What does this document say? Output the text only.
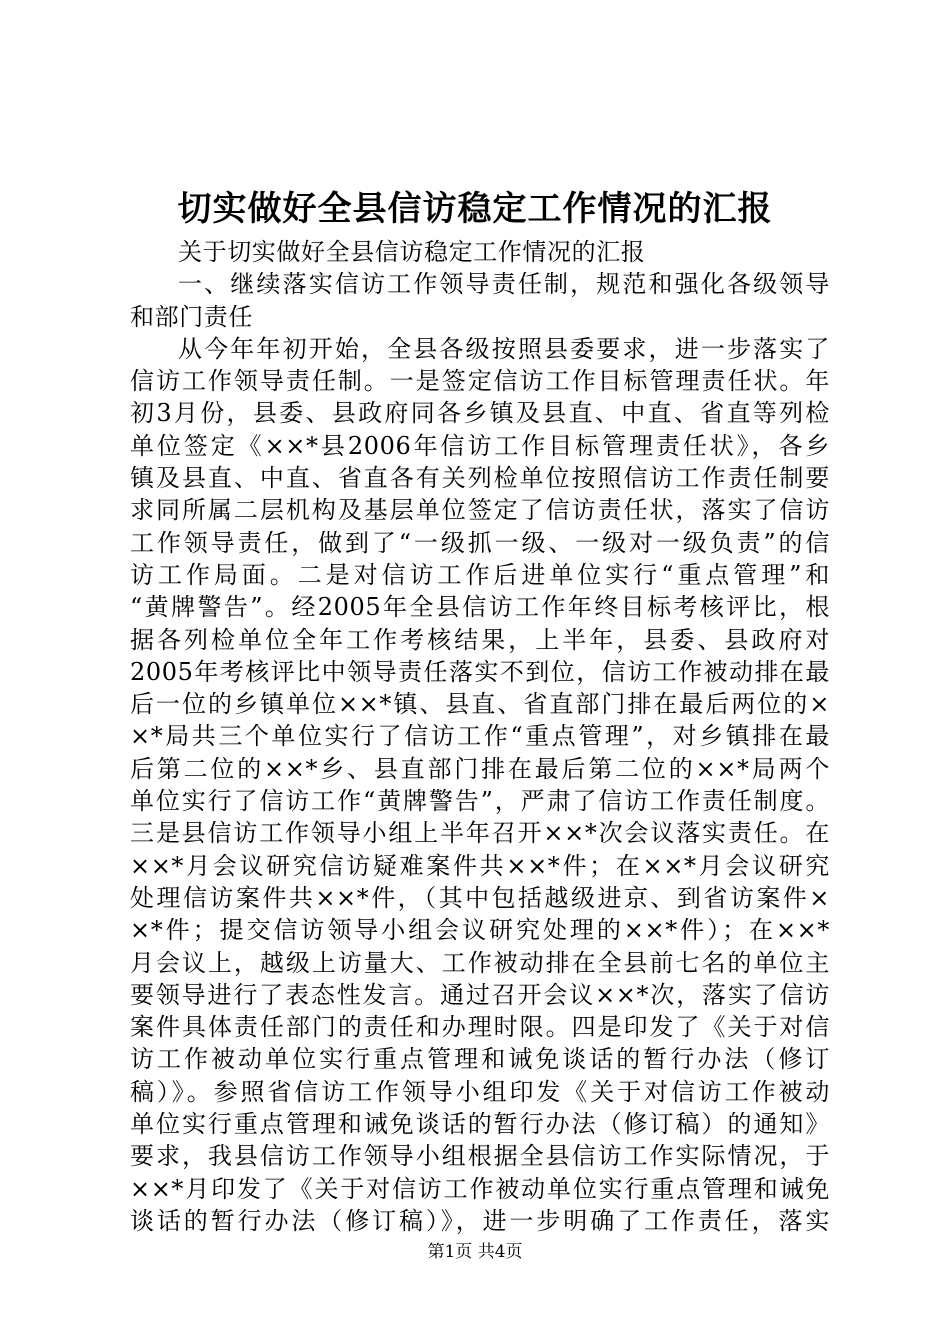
切实做好全县信访稳定工作情况的汇报
关于切实做好全县信访稳定工作情况的汇报
一、继续落实信访工作领导责任制，规范和强化各级领导
和部门责任
从今年年初开始，全县各级按照县委要求，进一步落实了
信访工作领导责任制。一是签定信访工作目标管理责任状。年
初3月份，县委、县政府同各乡镇及县直、中直、省直等列检
单位签定《××*县2006年信访工作目标管理责任状》，各乡
镇及县直、中直、省直各有关列检单位按照信访工作责任制要
求同所属二层机构及基层单位签定了信访责任状，落实了信访
工作领导责任，做到了“一级抓一级、一级对一级负责”的信
访工作局面。二是对信访工作后进单位实行“重点管理”和
“黄牌警告”。经2005年全县信访工作年终目标考核评比，根
据各列检单位全年工作考核结果，上半年，县委、县政府对
2005年考核评比中领导责任落实不到位，信访工作被动排在最
后一位的乡镇单位××*镇、县直、省直部门排在最后两位的×
×*局共三个单位实行了信访工作“重点管理”，对乡镇排在最
后第二位的××*乡、县直部门排在最后第二位的××*局两个
单位实行了信访工作“黄牌警告”，严肃了信访工作责任制度。
三是县信访工作领导小组上半年召开××*次会议落实责任。在
××*月会议研究信访疑难案件共××*件；在××*月会议研究
处理信访案件共××*件，（其中包括越级进京、到省访案件×
×*件；提交信访领导小组会议研究处理的××*件）；在××*
月会议上，越级上访量大、工作被动排在全县前七名的单位主
要领导进行了表态性发言。通过召开会议××*次，落实了信访
案件具体责任部门的责任和办理时限。四是印发了《关于对信
访工作被动单位实行重点管理和诫免谈话的暂行办法（修订
稿）》。参照省信访工作领导小组印发《关于对信访工作被动
单位实行重点管理和诫免谈话的暂行办法（修订稿）的通知》
要求，我县信访工作领导小组根据全县信访工作实际情况，于
××*月印发了《关于对信访工作被动单位实行重点管理和诫免
谈话的暂行办法（修订稿）》，进一步明确了工作责任，落实
第1页 共4页
